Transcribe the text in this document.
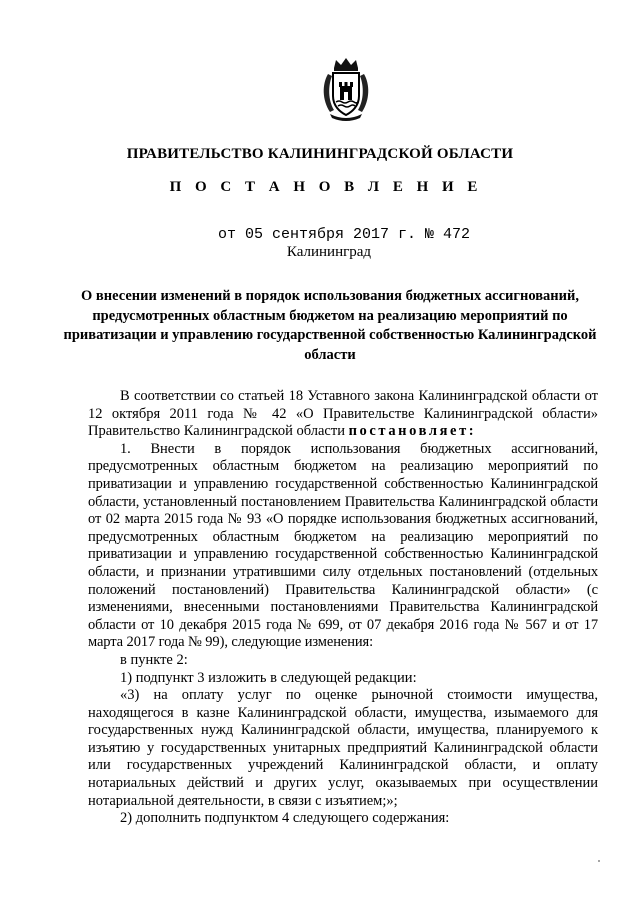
ПРАВИТЕЛЬСТВО КАЛИНИНГРАДСКОЙ ОБЛАСТИ
П О С Т А Н О В Л Е Н И Е
от 05 сентября 2017 г. № 472
Калининград
О внесении изменений в порядок использования бюджетных ассигнований, предусмотренных областным бюджетом на реализацию мероприятий по приватизации и управлению государственной собственностью Калининградской области

В соответствии со статьей 18 Уставного закона Калининградской области от 12 октября 2011 года № 42 «О Правительстве Калининградской области» Правительство Калининградской области постановляет:

1. Внести в порядок использования бюджетных ассигнований, предусмотренных областным бюджетом на реализацию мероприятий по приватизации и управлению государственной собственностью Калининградской области, установленный постановлением Правительства Калининградской области от 02 марта 2015 года № 93 «О порядке использования бюджетных ассигнований, предусмотренных областным бюджетом на реализацию мероприятий по приватизации и управлению государственной собственностью Калининградской области, и признании утратившими силу отдельных постановлений (отдельных положений постановлений) Правительства Калининградской области» (с изменениями, внесенными постановлениями Правительства Калининградской области от 10 декабря 2015 года № 699, от 07 декабря 2016 года № 567 и от 17 марта 2017 года № 99), следующие изменения:

в пункте 2:

1) подпункт 3 изложить в следующей редакции:

«3) на оплату услуг по оценке рыночной стоимости имущества, находящегося в казне Калининградской области, имущества, изымаемого для государственных нужд Калининградской области, имущества, планируемого к изъятию у государственных унитарных предприятий Калининградской области или государственных учреждений Калининградской области, и оплату нотариальных действий и других услуг, оказываемых при осуществлении нотариальной деятельности, в связи с изъятием;»;

2) дополнить подпунктом 4 следующего содержания:
